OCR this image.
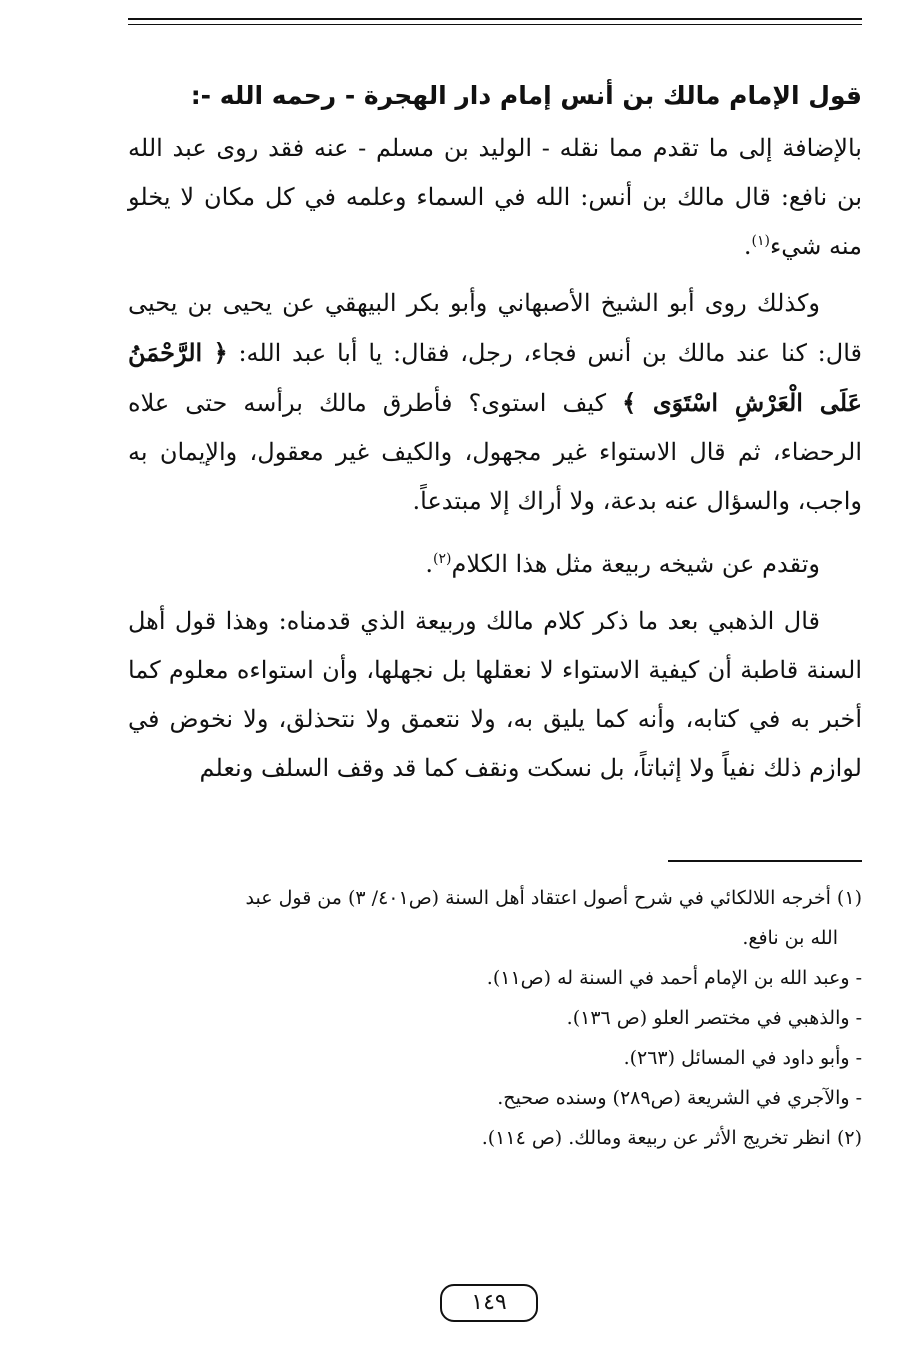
قول الإمام مالك بن أنس إمام دار الهجرة - رحمه الله -:

بالإضافة إلى ما تقدم مما نقله - الوليد بن مسلم - عنه فقد روى عبد الله بن نافع: قال مالك بن أنس: الله في السماء وعلمه في كل مكان لا يخلو منه شيء$^{(١)}$.

وكذلك روى أبو الشيخ الأصبهاني وأبو بكر البيهقي عن يحيى بن يحيى قال: كنا عند مالك بن أنس فجاء، رجل، فقال: يا أبا عبد الله: ﴿ الرَّحْمَنُ عَلَى الْعَرْشِ اسْتَوَى ﴾ كيف استوى؟ فأطرق مالك برأسه حتى علاه الرحضاء، ثم قال الاستواء غير مجهول، والكيف غير معقول، والإيمان به واجب، والسؤال عنه بدعة، ولا أراك إلا مبتدعاً.

وتقدم عن شيخه ربيعة مثل هذا الكلام$^{(٢)}$.

قال الذهبي بعد ما ذكر كلام مالك وربيعة الذي قدمناه: وهذا قول أهل السنة قاطبة أن كيفية الاستواء لا نعقلها بل نجهلها، وأن استواءه معلوم كما أخبر به في كتابه، وأنه كما يليق به، ولا نتعمق ولا نتحذلق، ولا نخوض في لوازم ذلك نفياً ولا إثباتاً، بل نسكت ونقف كما قد وقف السلف ونعلم

(١) أخرجه اللالكائي في شرح أصول اعتقاد أهل السنة (ص٤٠١/ ٣) من قول عبد

الله بن نافع.

- وعبد الله بن الإمام أحمد في السنة له (ص١١).

- والذهبي في مختصر العلو (ص ١٣٦).

- وأبو داود في المسائل (٢٦٣).

- والآجري في الشريعة (ص٢٨٩) وسنده صحيح.

(٢) انظر تخريج الأثر عن ربيعة ومالك. (ص ١١٤).

١٤٩
